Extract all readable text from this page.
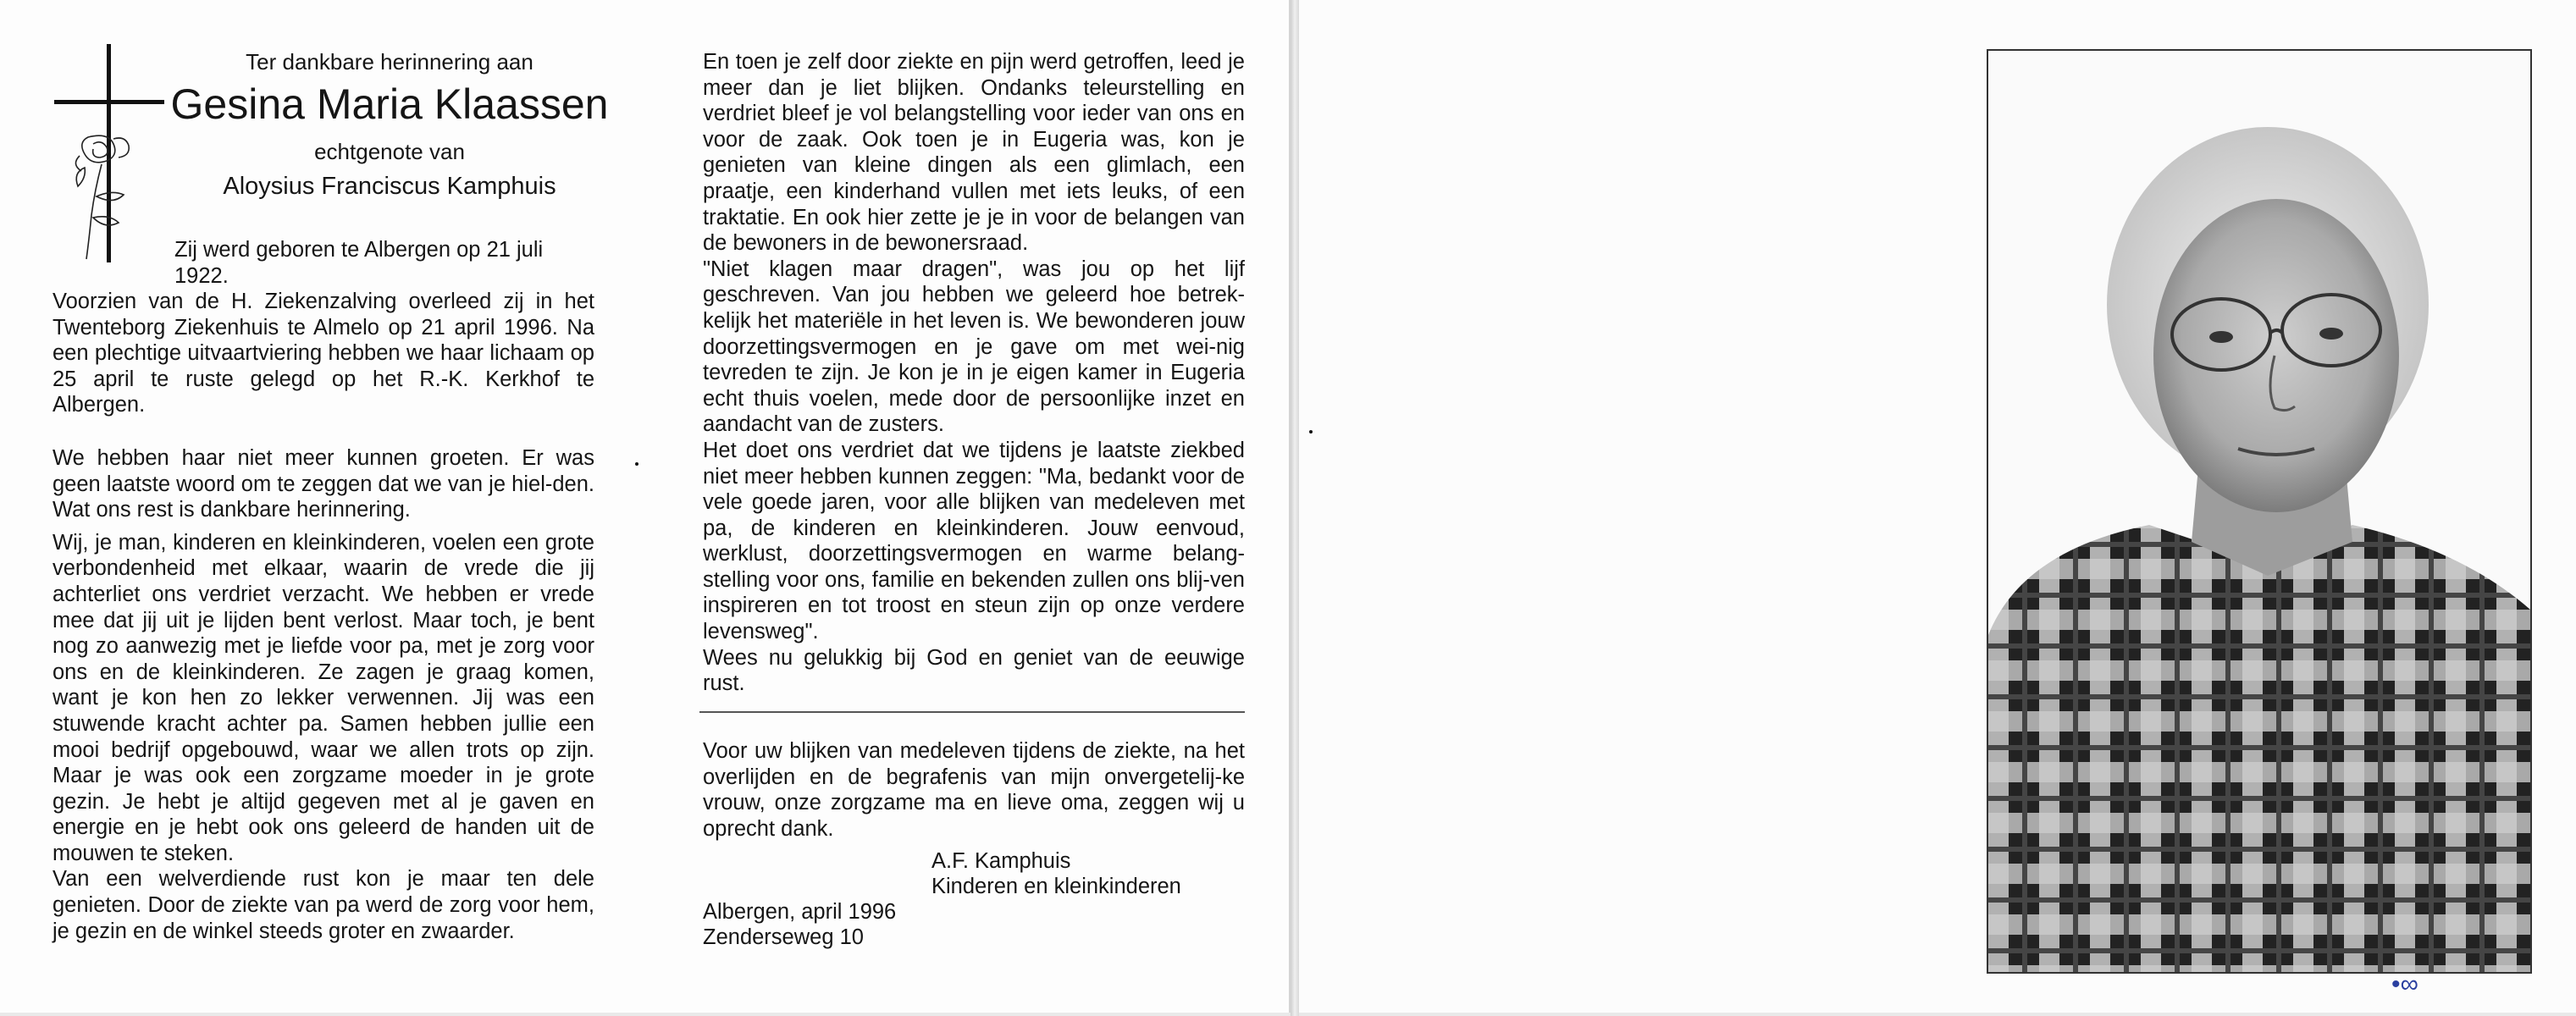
Ter dankbare herinnering aan
Gesina Maria Klaassen
echtgenote van
Aloysius Franciscus Kamphuis

Zij werd geboren te Albergen op 21 juli

1922.

Voorzien van de H. Ziekenzalving overleed zij in het Twenteborg Ziekenhuis te Almelo op 21 april 1996. Na een plechtige uitvaartviering hebben we haar lichaam op 25 april te ruste gelegd op het R.-K. Kerkhof te Albergen.

We hebben haar niet meer kunnen groeten. Er was geen laatste woord om te zeggen dat we van je hiel-den. Wat ons rest is dankbare herinnering.

Wij, je man, kinderen en kleinkinderen, voelen een grote verbondenheid met elkaar, waarin de vrede die jij achterliet ons verdriet verzacht. We hebben er vrede mee dat jij uit je lijden bent verlost. Maar toch, je bent nog zo aanwezig met je liefde voor pa, met je zorg voor ons en de kleinkinderen. Ze zagen je graag komen, want je kon hen zo lekker verwennen. Jij was een stuwende kracht achter pa. Samen hebben jullie een mooi bedrijf opgebouwd, waar we allen trots op zijn. Maar je was ook een zorgzame moeder in je grote gezin. Je hebt je altijd gegeven met al je gaven en energie en je hebt ook ons geleerd de handen uit de mouwen te steken.

Van een welverdiende rust kon je maar ten dele genieten. Door de ziekte van pa werd de zorg voor hem, je gezin en de winkel steeds groter en zwaarder.

En toen je zelf door ziekte en pijn werd getroffen, leed je meer dan je liet blijken. Ondanks teleurstelling en verdriet bleef je vol belangstelling voor ieder van ons en voor de zaak. Ook toen je in Eugeria was, kon je genieten van kleine dingen als een glimlach, een praatje, een kinderhand vullen met iets leuks, of een traktatie. En ook hier zette je je in voor de belangen van de bewoners in de bewonersraad.

"Niet klagen maar dragen", was jou op het lijf geschreven. Van jou hebben we geleerd hoe betrek-kelijk het materiële in het leven is. We bewonderen jouw doorzettingsvermogen en je gave om met wei-nig tevreden te zijn. Je kon je in je eigen kamer in Eugeria echt thuis voelen, mede door de persoonlijke inzet en aandacht van de zusters.

Het doet ons verdriet dat we tijdens je laatste ziekbed niet meer hebben kunnen zeggen: "Ma, bedankt voor de vele goede jaren, voor alle blijken van medeleven met pa, de kinderen en kleinkinderen. Jouw eenvoud, werklust, doorzettingsvermogen en warme belang-stelling voor ons, familie en bekenden zullen ons blij-ven inspireren en tot troost en steun zijn op onze verdere levensweg".

Wees nu gelukkig bij God en geniet van de eeuwige rust.

Voor uw blijken van medeleven tijdens de ziekte, na het overlijden en de begrafenis van mijn onvergetelij-ke vrouw, onze zorgzame ma en lieve oma, zeggen wij u oprecht dank.
A.F. Kamphuis
Kinderen en kleinkinderen
Albergen, april 1996
Zenderseweg 10
•∞
